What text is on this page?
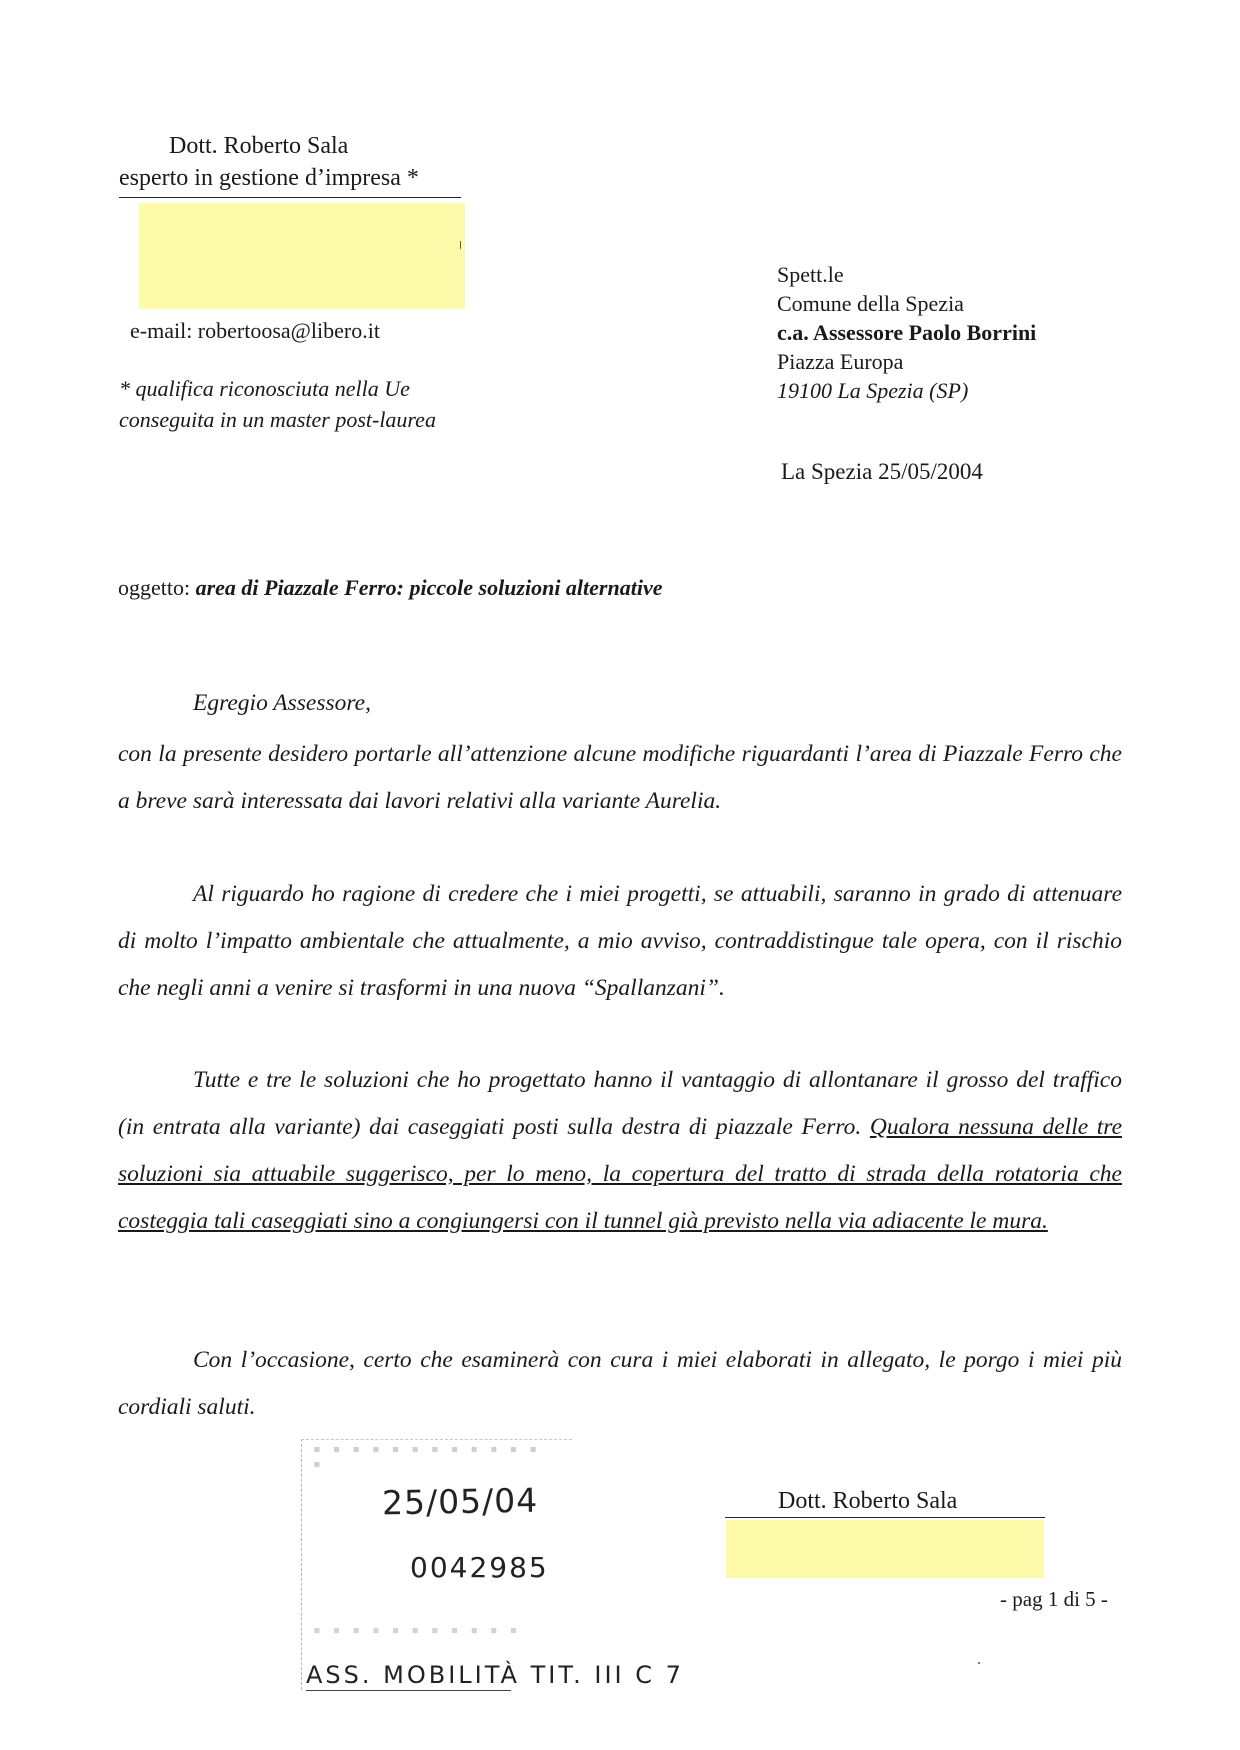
Dott. Roberto Sala
esperto in gestione d’impresa *
e-mail: robertoosa@libero.it
* qualifica riconosciuta nella Ue
conseguita in un master post-laurea
Spett.le
Comune della Spezia
c.a. Assessore Paolo Borrini
Piazza Europa
19100 La Spezia (SP)
La Spezia 25/05/2004
oggetto: area di Piazzale Ferro: piccole soluzioni alternative
Egregio Assessore,
con la presente desidero portarle all’attenzione alcune modifiche riguardanti l’area di Piazzale Ferro che a breve sarà interessata dai lavori relativi alla variante Aurelia.
Al riguardo ho ragione di credere che i miei progetti, se attuabili, saranno in grado di attenuare di molto l’impatto ambientale che attualmente, a mio avviso, contraddistingue tale opera, con il rischio che negli anni a venire si trasformi in una nuova “Spallanzani”.
Tutte e tre le soluzioni che ho progettato hanno il vantaggio di allontanare il grosso del traffico (in entrata alla variante) dai caseggiati posti sulla destra di piazzale Ferro. Qualora nessuna delle tre soluzioni sia attuabile suggerisco, per lo meno, la copertura del tratto di strada della rotatoria che costeggia tali caseggiati sino a congiungersi con il tunnel già previsto nella via adiacente le mura.
Con l’occasione, certo che esaminerà con cura i miei elaborati in allegato, le porgo i miei più cordiali saluti.
▪ ▪ ▪ ▪ ▪ ▪ ▪ ▪ ▪ ▪ ▪ ▪ ▪
25/05/04
0042985
▪ ▪ ▪ ▪ ▪ ▪ ▪ ▪ ▪ ▪ ▪
ASS. MOBILITÀ TIT. III C 7
Dott. Roberto Sala
- pag 1 di 5 -
